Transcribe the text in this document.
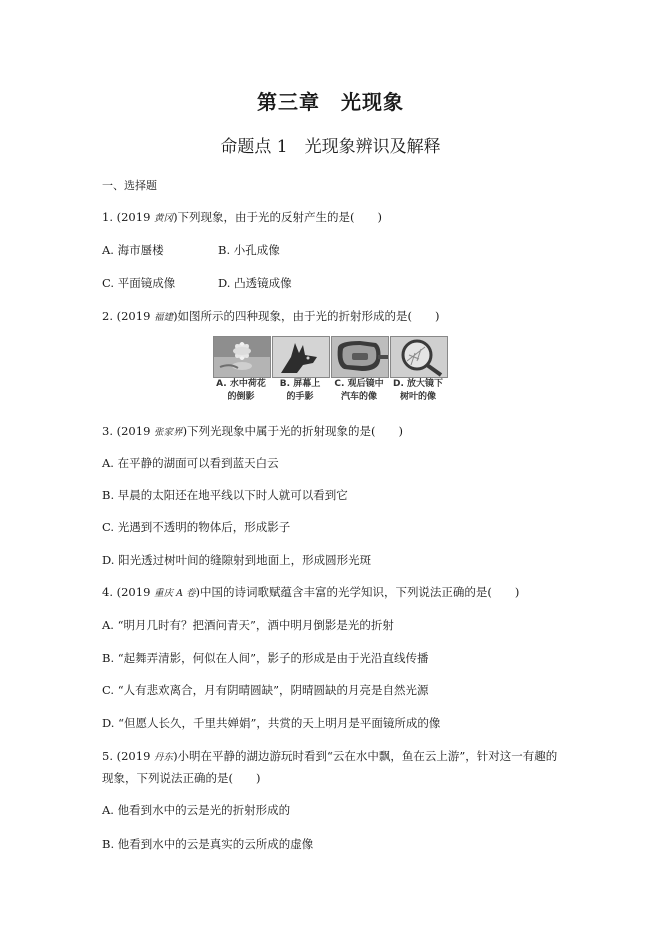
第三章　光现象
命题点 1　光现象辨识及解释
一、选择题
1. (2019 黄冈)下列现象，由于光的反射产生的是(　　)
A. 海市蜃楼	B. 小孔成像
C. 平面镜成像	D. 凸透镜成像
2. (2019 福建)如图所示的四种现象，由于光的折射形成的是(　　)
A. 水中荷花
的倒影
B. 屏幕上
的手影
C. 观后镜中
汽车的像
D. 放大镜下
树叶的像
3. (2019 张家界)下列光现象中属于光的折射现象的是(　　)
A. 在平静的湖面可以看到蓝天白云
B. 早晨的太阳还在地平线以下时人就可以看到它
C. 光遇到不透明的物体后，形成影子
D. 阳光透过树叶间的缝隙射到地面上，形成圆形光斑
4. (2019 重庆 A 卷)中国的诗词歌赋蕴含丰富的光学知识，下列说法正确的是(　　)
A. “明月几时有？把酒问青天”，酒中明月倒影是光的折射
B. “起舞弄清影，何似在人间”，影子的形成是由于光沿直线传播
C. “人有悲欢离合，月有阴晴圆缺”，阴晴圆缺的月亮是自然光源
D. “但愿人长久，千里共婵娟”，共赏的天上明月是平面镜所成的像
5. (2019 丹东)小明在平静的湖边游玩时看到“云在水中飘，鱼在云上游”，针对这一有趣的
现象，下列说法正确的是(　　)
A. 他看到水中的云是光的折射形成的
B. 他看到水中的云是真实的云所成的虚像
